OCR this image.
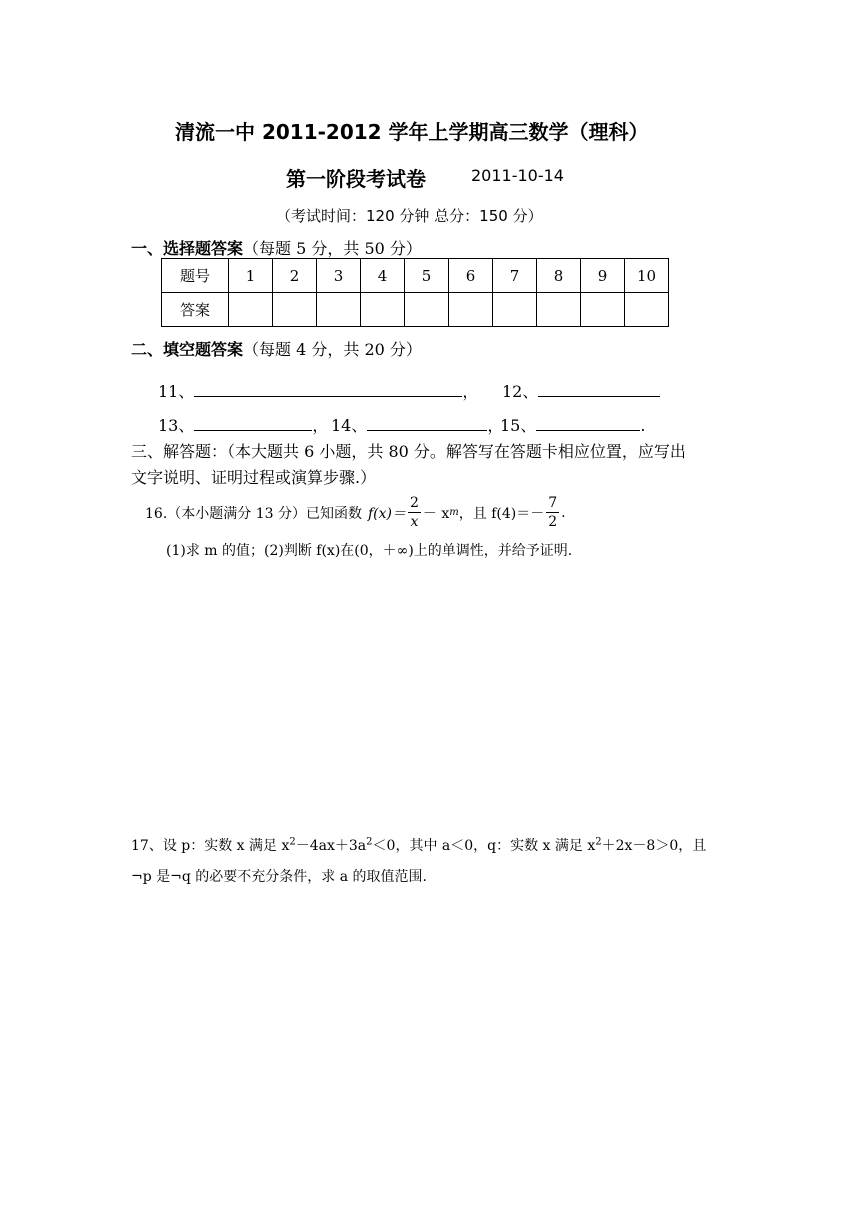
清流一中 2011-2012 学年上学期高三数学（理科）
第一阶段考试卷	2011-10-14
（考试时间：120 分钟 总分：150 分）
一、选择题答案（每题 5 分，共 50 分）
题号	1	2	3	4	5	6	7	8	9	10
答案										
二、填空题答案（每题 4 分，共 20 分）
11、	， 12、
13、	， 14、	，
15、	.
三、解答题：（本大题共 6 小题，共 80 分。解答写在答题卡相应位置，应写出
文字说明、证明过程或演算步骤.）
16.（本小题满分 13 分）已知函数 $f(x)= \frac{2}{x} - x$ m ，且 $f(4)=- \frac{7}{2}$ .
(1)求 m 的值；(2)判断 f(x)在(0，＋∞)上的单调性，并给予证明.
17、设 p：实数 x 满足 $x^2-4ax+3a^2<0$，其中 a＜0，q：实数 x 满足 $x^2+2x-8>0$，且
¬p 是¬q 的必要不充分条件，求 a 的取值范围.
